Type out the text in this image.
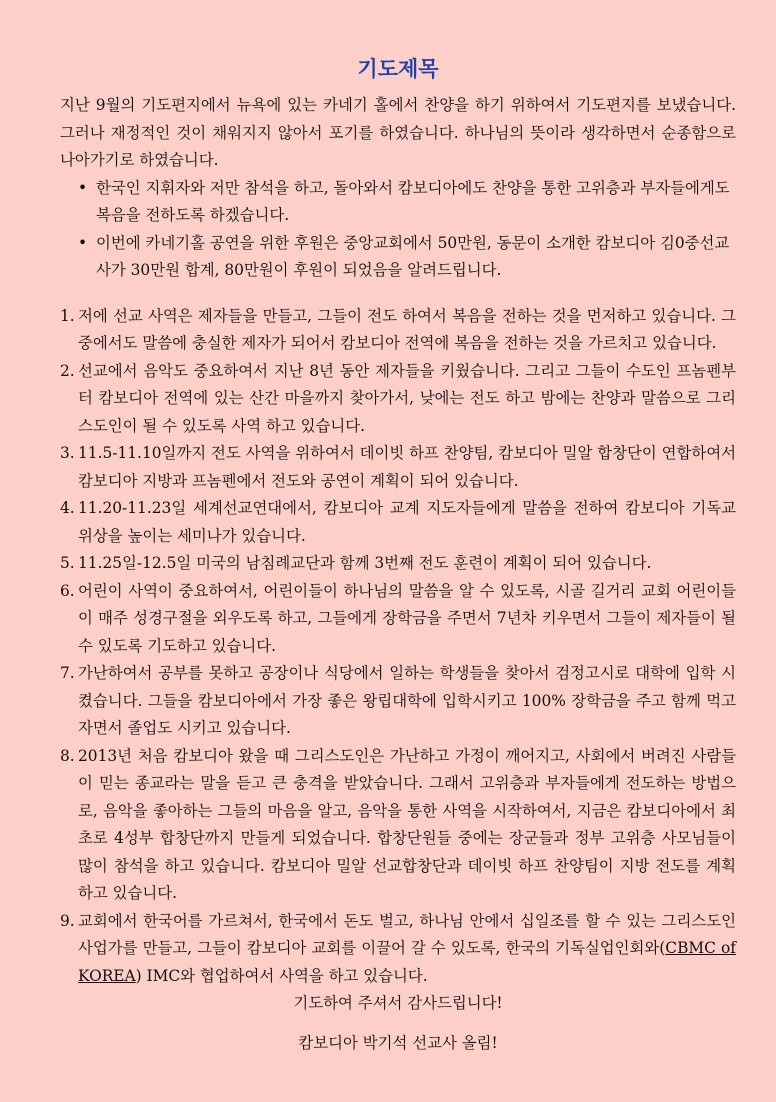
기도제목

지난 9월의 기도편지에서 뉴욕에 있는 카네기 홀에서 찬양을 하기 위하여서 기도편지를 보냈습니다. 그러나 재정적인 것이 채워지지 않아서 포기를 하였습니다. 하나님의 뜻이라 생각하면서 순종함으로 나아가기로 하였습니다.

• 한국인 지휘자와 저만 참석을 하고, 돌아와서 캄보디아에도 찬양을 통한 고위층과 부자들에게도 복음을 전하도록 하겠습니다.
• 이번에 카네기홀 공연을 위한 후원은 중앙교회에서 50만원, 동문이 소개한 캄보디아 김0중선교사가 30만원 합계, 80만원이 후원이 되었음을 알려드립니다.
1. 저에 선교 사역은 제자들을 만들고, 그들이 전도 하여서 복음을 전하는 것을 먼저하고 있습니다. 그 중에서도 말씀에 충실한 제자가 되어서 캄보디아 전역에 복음을 전하는 것을 가르치고 있습니다.
2. 선교에서 음악도 중요하여서 지난 8년 동안 제자들을 키웠습니다. 그리고 그들이 수도인 프놈펜부터 캄보디아 전역에 있는 산간 마을까지 찾아가서, 낮에는 전도 하고 밤에는 찬양과 말씀으로 그리스도인이 될 수 있도록 사역 하고 있습니다.
3. 11.5-11.10일까지 전도 사역을 위하여서 데이빗 하프 찬양팀, 캄보디아 밀알 합창단이 연합하여서 캄보디아 지방과 프놈펜에서 전도와 공연이 계획이 되어 있습니다.
4. 11.20-11.23일 세계선교연대에서, 캄보디아 교계 지도자들에게 말씀을 전하여 캄보디아 기독교 위상을 높이는 세미나가 있습니다.
5. 11.25일-12.5일 미국의 남침례교단과 함께 3번째 전도 훈련이 계획이 되어 있습니다.
6. 어린이 사역이 중요하여서, 어린이들이 하나님의 말씀을 알 수 있도록, 시골 길거리 교회 어린이들이 매주 성경구절을 외우도록 하고, 그들에게 장학금을 주면서 7년차 키우면서 그들이 제자들이 될 수 있도록 기도하고 있습니다.
7. 가난하여서 공부를 못하고 공장이나 식당에서 일하는 학생들을 찾아서 검정고시로 대학에 입학 시켰습니다. 그들을 캄보디아에서 가장 좋은 왕립대학에 입학시키고 100% 장학금을 주고 함께 먹고 자면서 졸업도 시키고 있습니다.
8. 2013년 처음 캄보디아 왔을 때 그리스도인은 가난하고 가정이 깨어지고, 사회에서 버려진 사람들이 믿는 종교라는 말을 듣고 큰 충격을 받았습니다. 그래서 고위층과 부자들에게 전도하는 방법으로, 음악을 좋아하는 그들의 마음을 알고, 음악을 통한 사역을 시작하여서, 지금은 캄보디아에서 최초로 4성부 합창단까지 만들게 되었습니다. 합창단원들 중에는 장군들과 정부 고위층 사모님들이 많이 참석을 하고 있습니다. 캄보디아 밀알 선교합창단과 데이빗 하프 찬양팀이 지방 전도를 계획하고 있습니다.
9. 교회에서 한국어를 가르쳐서, 한국에서 돈도 벌고, 하나님 안에서 십일조를 할 수 있는 그리스도인 사업가를 만들고, 그들이 캄보디아 교회를 이끌어 갈 수 있도록, 한국의 기독실업인회와(CBMC of KOREA) IMC와 협업하여서 사역을 하고 있습니다.

기도하여 주셔서 감사드립니다!

캄보디아 박기석 선교사 올림!
